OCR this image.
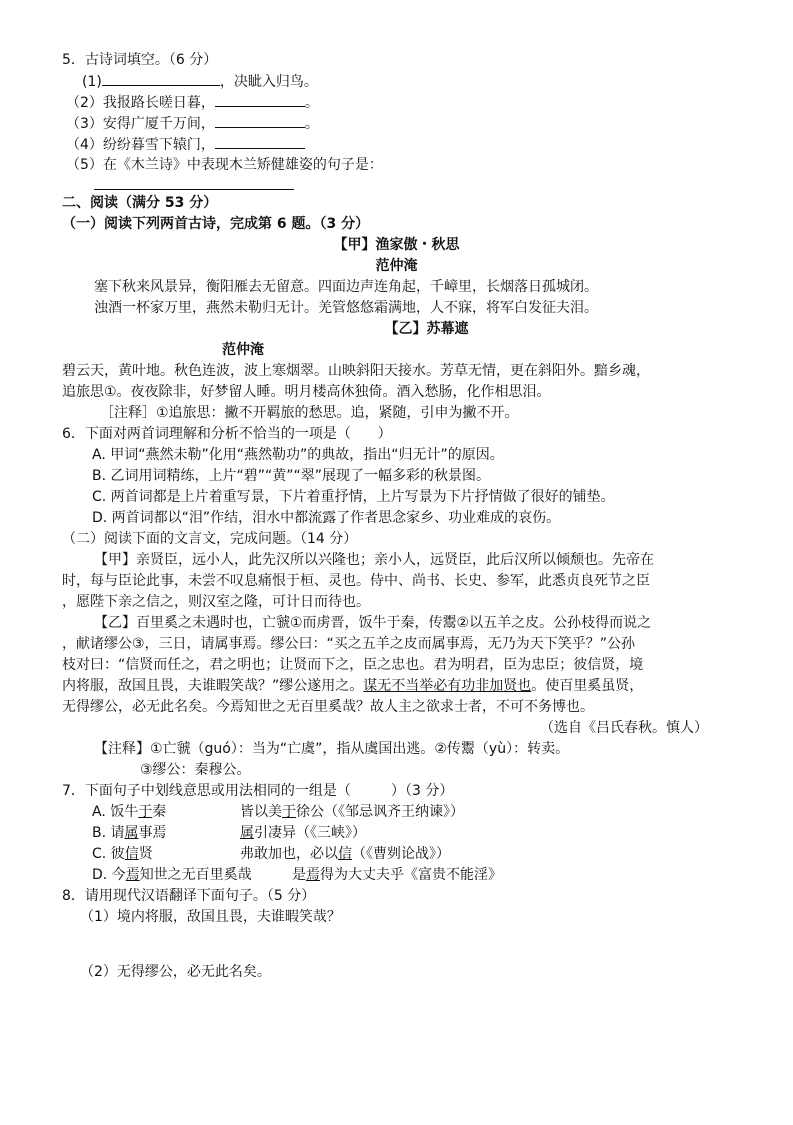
5．古诗词填空。（6 分）
(1)	，决眦入归鸟。
（2）我报路长嗟日暮，	。
（3）安得广厦千万间，	。
（4）纷纷暮雪下辕门，
（5）在《木兰诗》中表现木兰矫健雄姿的句子是：
二、阅读（满分 53 分）
（一）阅读下列两首古诗，完成第 6 题。（3 分）
【甲】渔家傲・秋思
范仲淹
塞下秋来风景异，衡阳雁去无留意。四面边声连角起，千嶂里，长烟落日孤城闭。
浊酒一杯家万里，燕然未勒归无计。羌管悠悠霜满地，人不寐，将军白发征夫泪。
【乙】苏幕遮
范仲淹
碧云天，黄叶地。秋色连波，波上寒烟翠。山映斜阳天接水。芳草无情，更在斜阳外。黯乡魂，
追旅思①。夜夜除非，好梦留人睡。明月楼高休独倚。酒入愁肠，化作相思泪。
［注释］①追旅思：撇不开羁旅的愁思。追，紧随，引申为撇不开。
6．下面对两首词理解和分析不恰当的一项是（      ）
A. 甲词“燕然未勒”化用“燕然勒功”的典故，指出“归无计”的原因。
B. 乙词用词精练，上片“碧”“黄”“翠”展现了一幅多彩的秋景图。
C. 两首词都是上片着重写景，下片着重抒情，上片写景为下片抒情做了很好的铺垫。
D. 两首词都以“泪”作结，泪水中都流露了作者思念家乡、功业难成的哀伤。
（二）阅读下面的文言文，完成问题。（14 分）
【甲】亲贤臣，远小人，此先汉所以兴隆也；亲小人，远贤臣，此后汉所以倾颓也。先帝在
时，每与臣论此事，未尝不叹息痛恨于桓、灵也。侍中、尚书、长史、参军，此悉贞良死节之臣
，愿陛下亲之信之，则汉室之隆，可计日而待也。
【乙】百里奚之未遇时也，亡虢①而虏晋，饭牛于秦，传鬻②以五羊之皮。公孙枝得而说之
，献诸缪公③，三日，请属事焉。缪公曰：“买之五羊之皮而属事焉，无乃为天下笑乎？”公孙
枝对曰：“信贤而任之，君之明也；让贤而下之，臣之忠也。君为明君，臣为忠臣；彼信贤，境
内将服，敌国且畏，夫谁暇笑哉？”缪公遂用之。谋无不当举必有功非加贤也。使百里奚虽贤，
无得缪公，必无此名矣。今焉知世之无百里奚哉？故人主之欲求士者，不可不务博也。
（选自《吕氏春秋。慎人）
【注释】①亡虢（guó）：当为“亡虞”，指从虞国出逃。②传鬻（yù）：转卖。
③缪公：秦穆公。
7．下面句子中划线意思或用法相同的一组是（         ）（3 分）
A. 饭牛于秦	皆以美于徐公（《邹忌讽齐王纳谏》）
B. 请属事焉	属引凄异（《三峡》）
C. 彼信贤	弗敢加也，必以信（《曹刿论战》）
D. 今焉知世之无百里奚哉	是焉得为大丈夫乎《富贵不能淫》
8．请用现代汉语翻译下面句子。（5 分）
（1）境内将服，敌国且畏，夫谁暇笑哉？
（2）无得缪公，必无此名矣。
